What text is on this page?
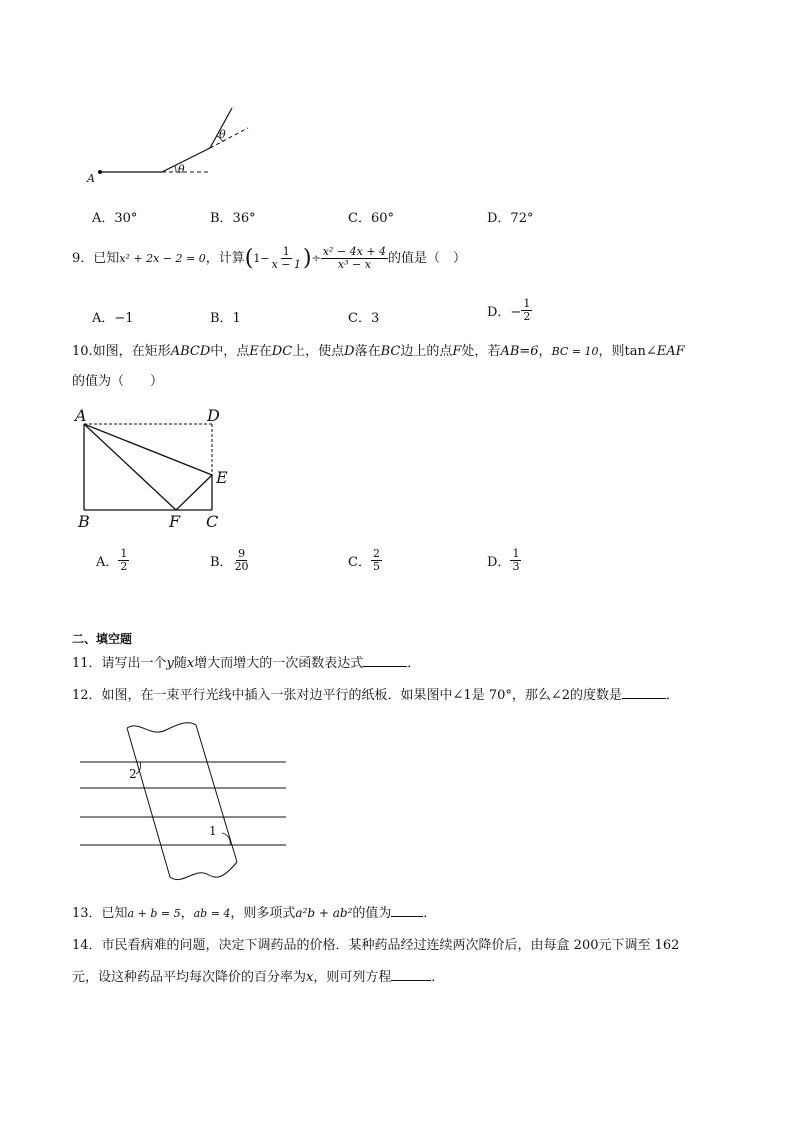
A
θ
θ
A．30°	B．36°	C．60°	D．72°
9．已知 x² + 2x − 2 = 0 ，计算 ( $1- \frac{1}{x - 1}$ ) ÷ $\frac{\text{x² − 4x + 4}}{\text{x³ − x}}$ 的值是（　）
A．−1	B．1	C．3	D．− $\frac{1}{2}$
10.如图，在矩形ABCD中，点E在DC上，使点D落在BC边上的点F处，若AB=6，BC = 10，则tan∠EAF
的值为（　　）
A	D
E
B	F C
A． $\frac{1}{2}$	B． $\frac{9}{20}$	C． $\frac{2}{5}$	D． $\frac{1}{3}$
二、填空题
11．请写出一个y随x增大而增大的一次函数表达式	．
12．如图，在一束平行光线中插入一张对边平行的纸板．如果图中∠1是 70°，那么∠2的度数是	．
2
1
13．已知a + b = 5，ab = 4，则多项式a²b + ab²的值为 ．
14．市民看病难的问题，决定下调药品的价格．某种药品经过连续两次降价后，由每盒 200元下调至 162
元，设这种药品平均每次降价的百分率为x，则可列方程	．
